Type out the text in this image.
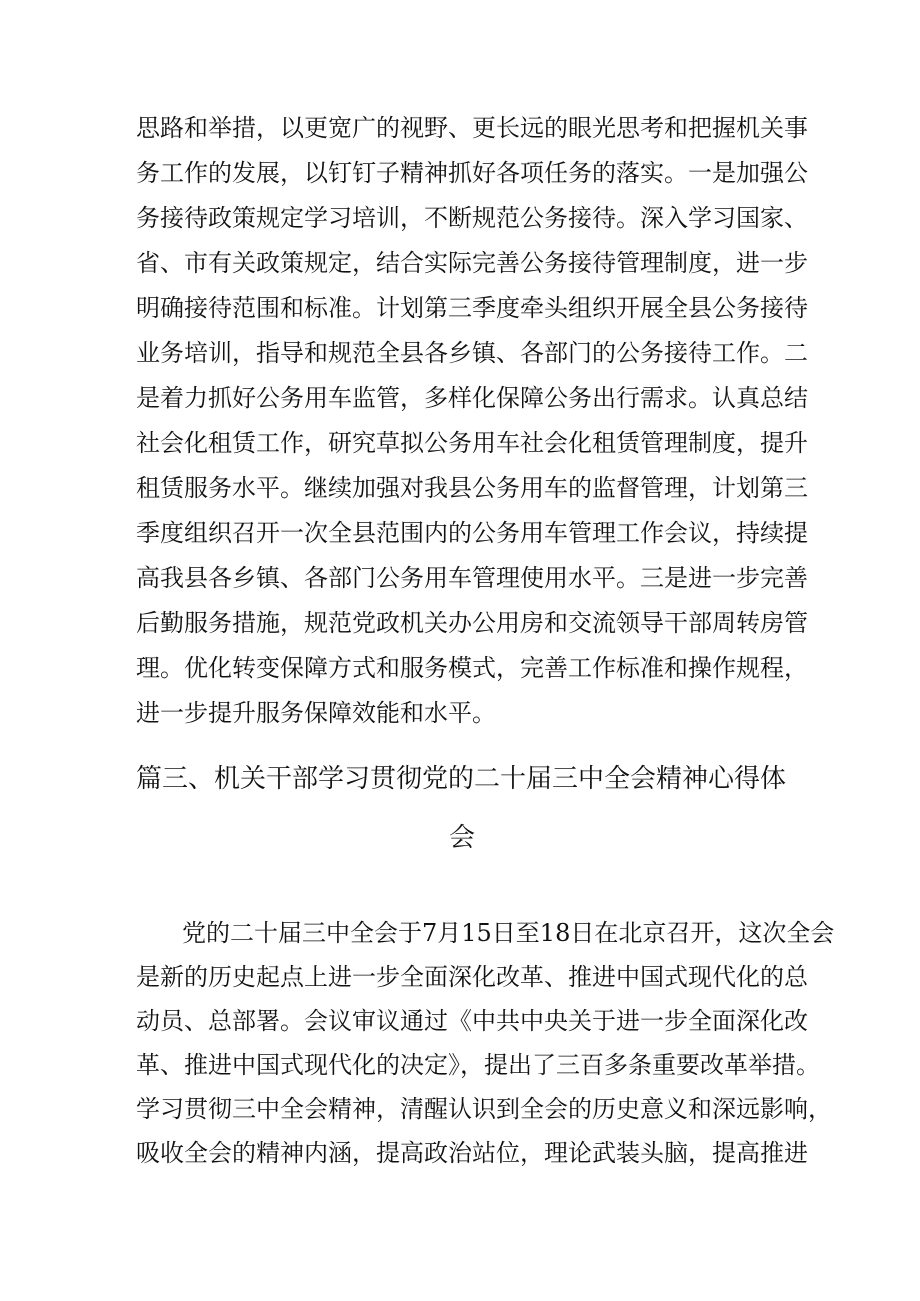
思路和举措，以更宽广的视野、更长远的眼光思考和把握机关事
务工作的发展，以钉钉子精神抓好各项任务的落实。一是加强公
务接待政策规定学习培训，不断规范公务接待。深入学习国家、
省、市有关政策规定，结合实际完善公务接待管理制度，进一步
明确接待范围和标准。计划第三季度牵头组织开展全县公务接待
业务培训，指导和规范全县各乡镇、各部门的公务接待工作。二
是着力抓好公务用车监管，多样化保障公务出行需求。认真总结
社会化租赁工作，研究草拟公务用车社会化租赁管理制度，提升
租赁服务水平。继续加强对我县公务用车的监督管理，计划第三
季度组织召开一次全县范围内的公务用车管理工作会议，持续提
高我县各乡镇、各部门公务用车管理使用水平。三是进一步完善
后勤服务措施，规范党政机关办公用房和交流领导干部周转房管
理。优化转变保障方式和服务模式，完善工作标准和操作规程，
进一步提升服务保障效能和水平。
篇三、机关干部学习贯彻党的二十届三中全会精神心得体
会
党的二十届三中全会于7月15日至18日在北京召开，这次全会
是新的历史起点上进一步全面深化改革、推进中国式现代化的总
动员、总部署。会议审议通过《中共中央关于进一步全面深化改
革、推进中国式现代化的决定》，提出了三百多条重要改革举措。
学习贯彻三中全会精神，清醒认识到全会的历史意义和深远影响，
吸收全会的精神内涵，提高政治站位，理论武装头脑，提高推进
